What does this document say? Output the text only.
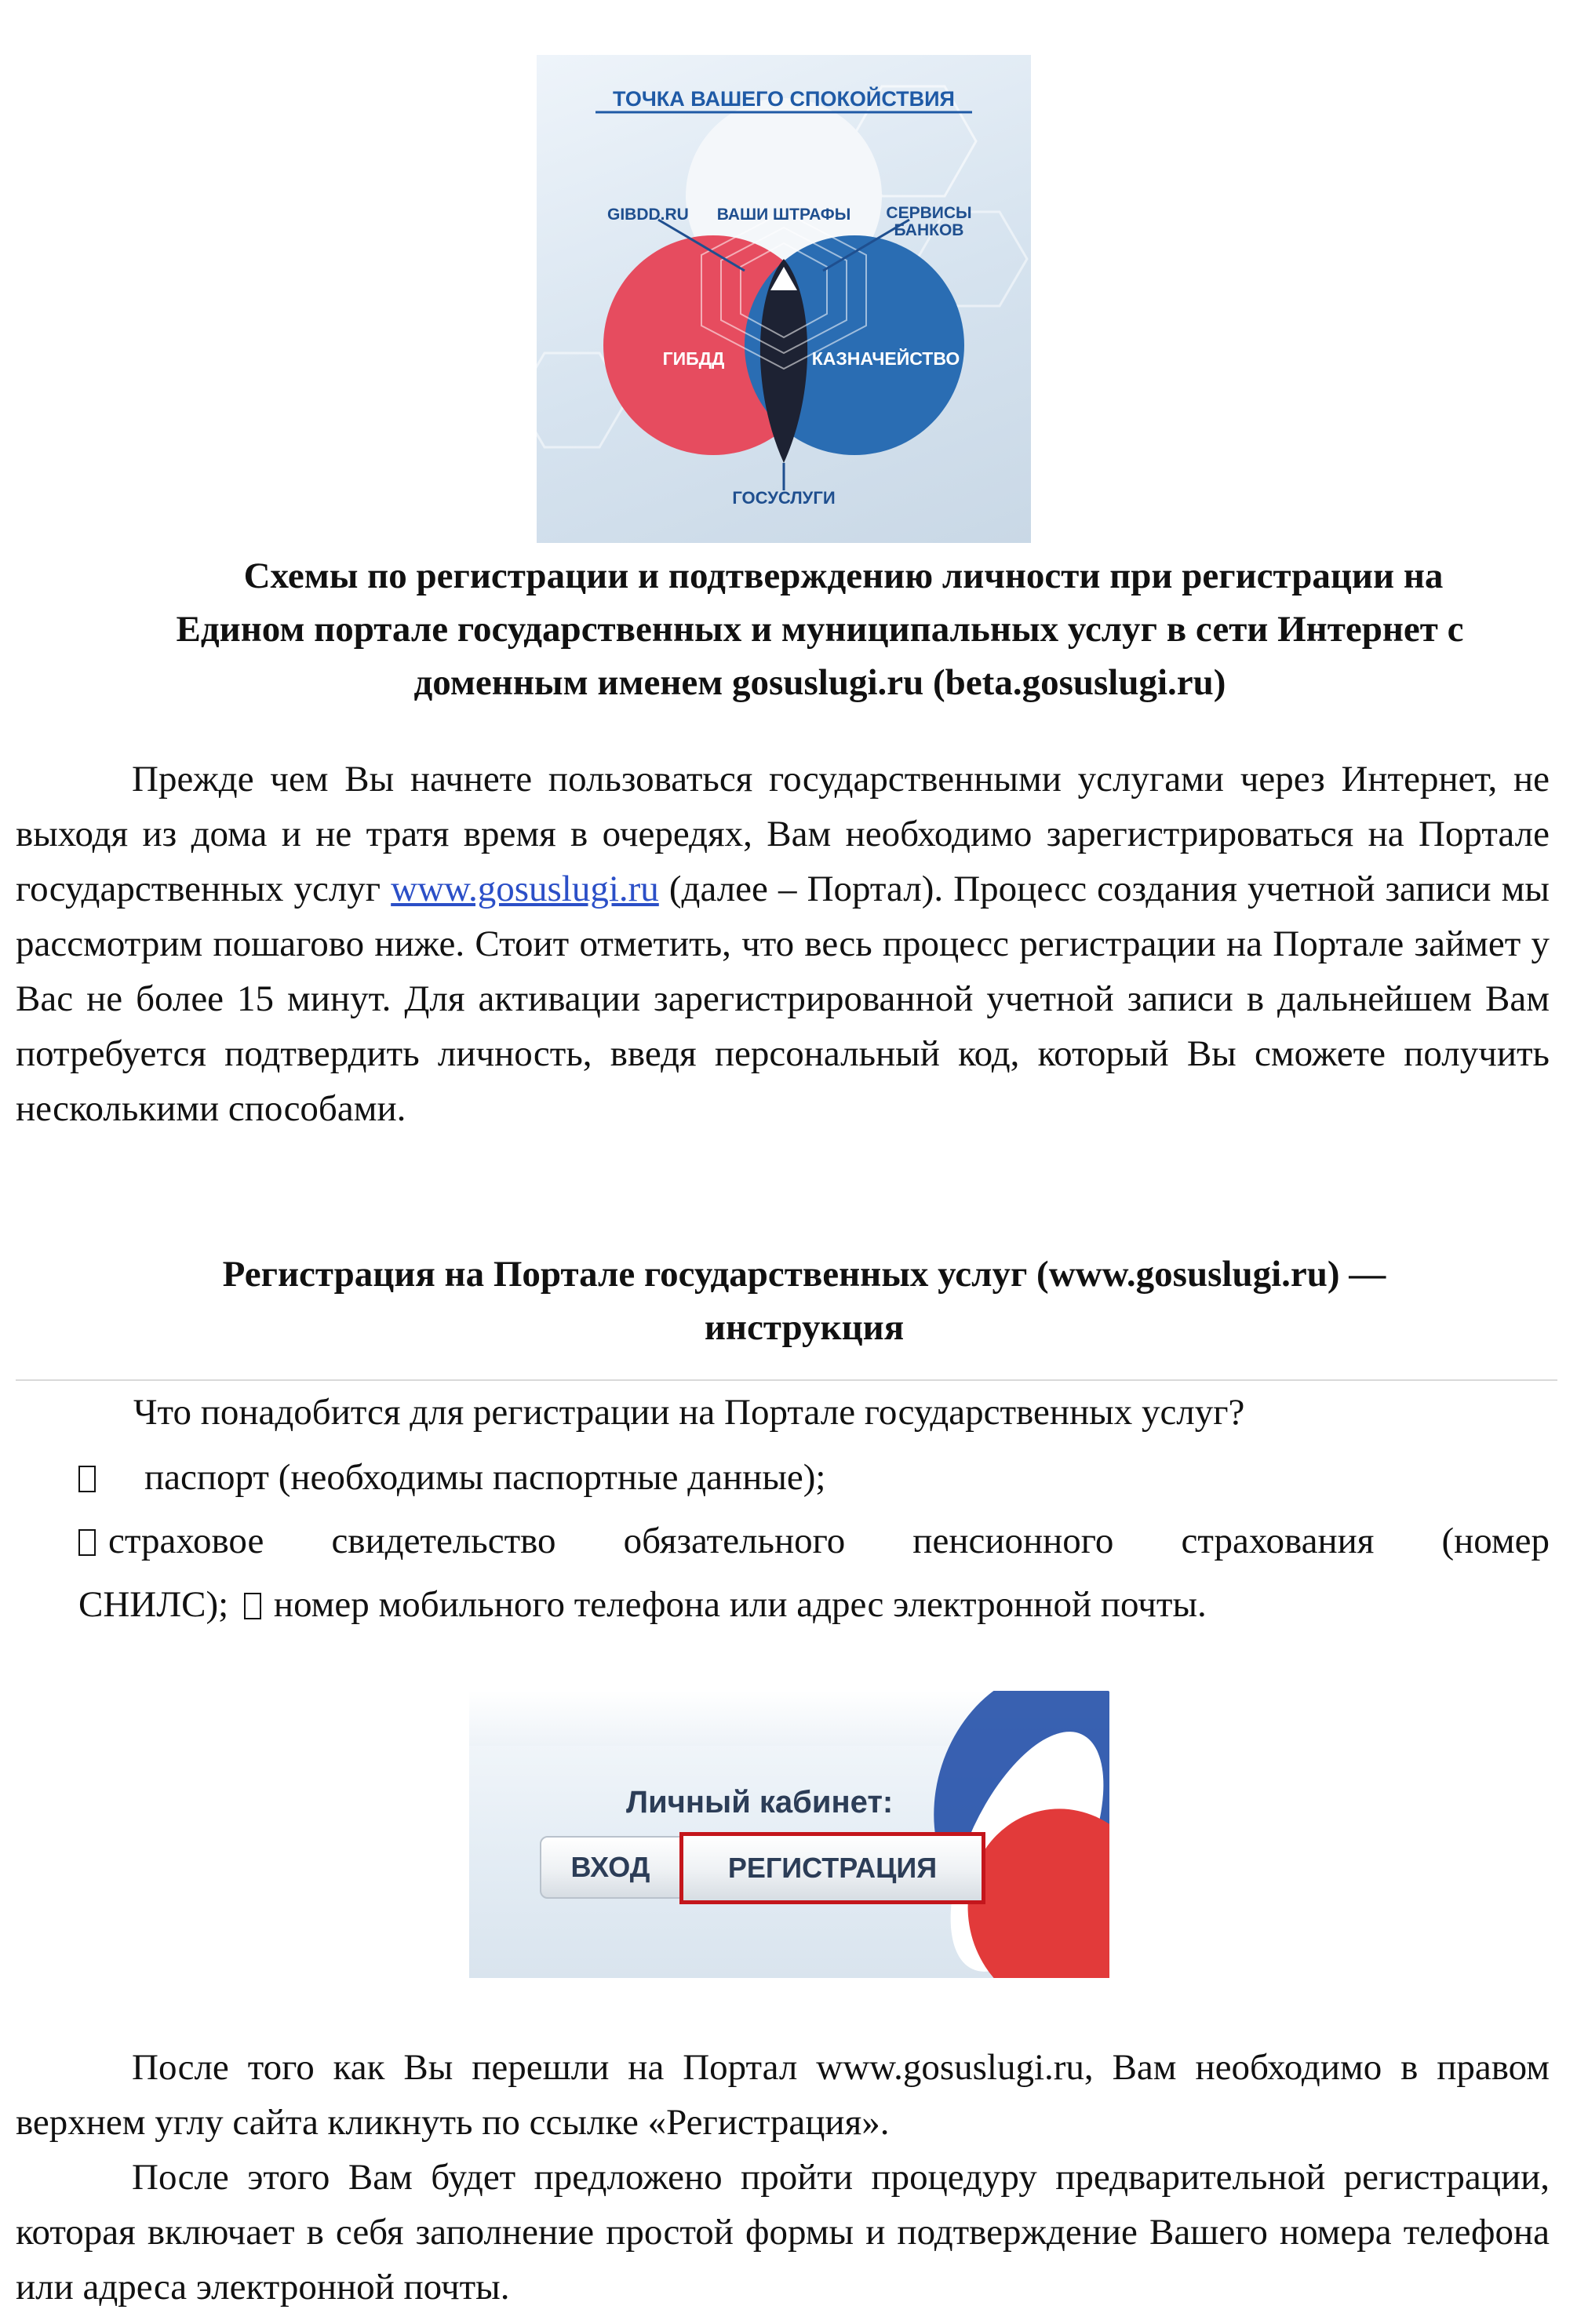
ТОЧКА ВАШЕГО СПОКОЙСТВИЯ
GIBDD.RU ВАШИ ШТРАФЫ СЕРВИСЫ
БАНКОВ
ГИБДД	КАЗНАЧЕЙСТВО
ГОСУСЛУГИ
Схемы по регистрации и подтверждению личности при регистрации на
Едином портале государственных и муниципальных услуг в сети Интернет с
доменным именем gosuslugi.ru (beta.gosuslugi.ru)
Прежде чем Вы начнете пользоваться государственными услугами через Интернет, не выходя из дома и не тратя время в очередях, Вам необходимо зарегистрироваться на Портале государственных услуг www.gosuslugi.ru (далее – Портал). Процесс создания учетной записи мы рассмотрим пошагово ниже. Стоит отметить, что весь процесс регистрации на Портале займет у Вас не более 15 минут. Для активации зарегистрированной учетной записи в дальнейшем Вам потребуется подтвердить личность, введя персональный код, который Вы сможете получить несколькими способами.
Регистрация на Портале государственных услуг (www.gosuslugi.ru) —
инструкция
Что понадобится для регистрации на Портале государственных услуг?
паспорт (необходимы паспортные данные);
страховое свидетельство обязательного пенсионного страхования (номер
СНИЛС); номер мобильного телефона или адрес электронной почты.
Личный кабинет:
ВХОД	РЕГИСТРАЦИЯ
После того как Вы перешли на Портал www.gosuslugi.ru, Вам необходимо в правом верхнем углу сайта кликнуть по ссылке «Регистрация».
После этого Вам будет предложено пройти процедуру предварительной регистрации, которая включает в себя заполнение простой формы и подтверждение Вашего номера телефона или адреса электронной почты.
